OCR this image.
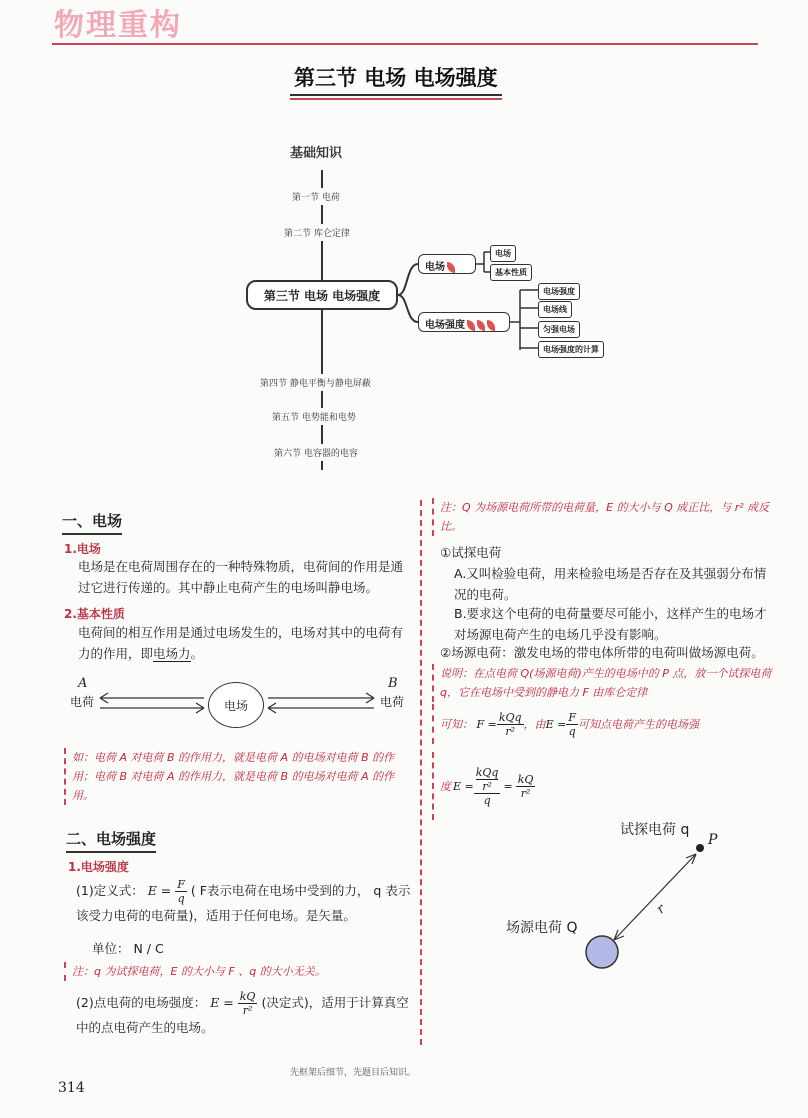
物理重构
第三节 电场 电场强度
基础知识
第一节 电荷
第二节 库仑定律
第四节 静电平衡与静电屏蔽
第五节 电势能和电势
第六节 电容器的电容
第三节 电场 电场强度
电场
电场强度
电场
基本性质
电场强度
电场线
匀强电场
电场强度的计算
一、电场
1.电场
电场是在电荷周围存在的一种特殊物质，电荷间的作用是通过它进行传递的。其中静止电荷产生的电场叫静电场。
2.基本性质
电荷间的相互作用是通过电场发生的，电场对其中的电荷有力的作用，即电场力。
A
电荷
B
电荷
电场
如：电荷 A 对电荷 B 的作用力，就是电荷 A 的电场对电荷 B 的作用；电荷 B 对电荷 A 的作用力，就是电荷 B 的电场对电荷 A 的作用。
二、电场强度
1.电场强度
(1)定义式： $E = \frac{F}{q}$ ( F表示电荷在电场中受到的力， q 表示该受力电荷的电荷量)，适用于任何电场。是矢量。
单位： N / C
注：q 为试探电荷，E 的大小与 F 、q 的大小无关。
(2)点电荷的电场强度： $E = \frac{kQ}{\text{r²}}$ (决定式)，适用于计算真空中的点电荷产生的电场。
注：Q 为场源电荷所带的电荷量，E 的大小与 Q 成正比，与 r² 成反比。
①试探电荷
A.又叫检验电荷，用来检验电场是否存在及其强弱分布情况的电荷。
B.要求这个电荷的电荷量要尽可能小，这样产生的电场才对场源电荷产生的电场几乎没有影响。
②场源电荷：激发电场的带电体所带的电荷叫做场源电荷。
说明：在点电荷 Q(场源电荷)产生的电场中的 P 点，放一个试探电荷 q，它在电场中受到的静电力 F 由库仑定律
可知：
$F = \frac{\text{kQq}}{\text{r²}}$ ，由 $E = \frac{F}{q}$ 可知点电荷产生的电场强
度 E = kQq
r²
$q = \frac{kQ}{\text{r²}}$
试探电荷 q
P
场源电荷 Q
r
先框架后细节，先题目后知识。
314
